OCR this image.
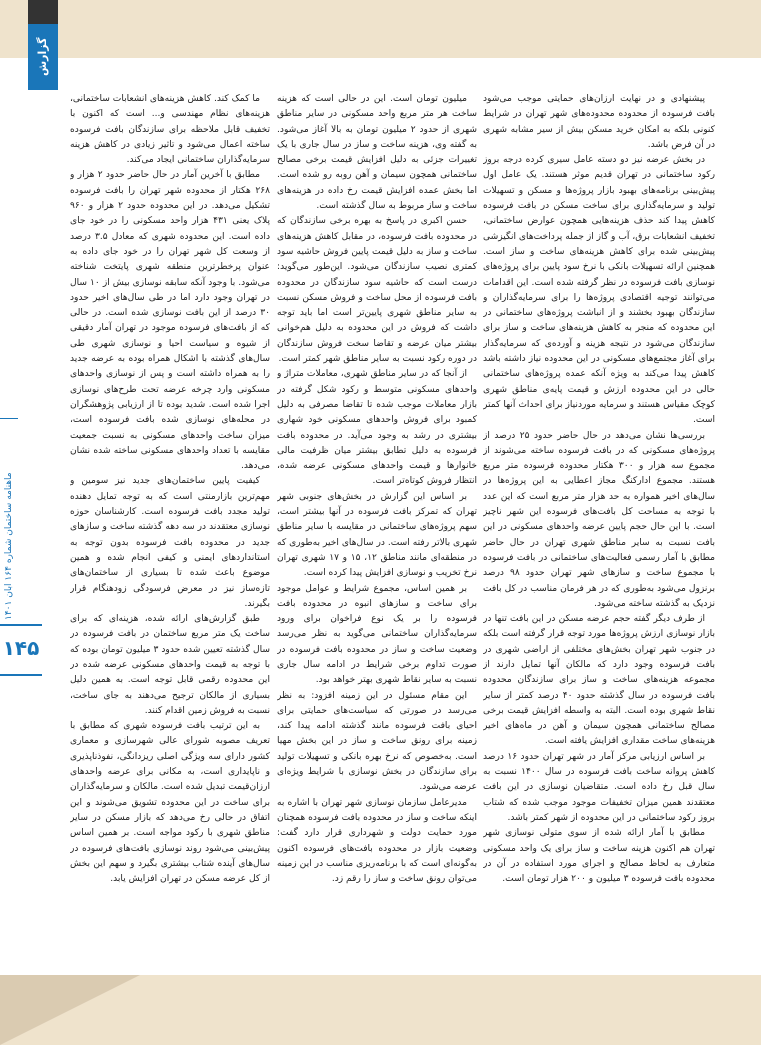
گزارش
ماهنامه ساختمان شماره ۱۶۴ آبان ۱۴۰۱
۱۴۵

پیشنهادی و در نهایت ارزان‌های حمایتی موجب می‌شود بافت فرسوده از محدوده محدوده‌های شهر تهران در شرایط کنونی بلکه به امکان خرید مسکن بیش از سیر مشابه شهری در آن فرض باشد.

در بخش عرضه نیز دو دسته عامل سیری کرده درجه بروز رکود ساختمانی در تهران قدیم موثر هستند. یک عامل اول پیش‌بینی برنامه‌های بهبود بازار پروژه‌ها و مسکن و تسهیلات تولید و سرمایه‌گذاری برای ساخت مسکن در بافت فرسوده کاهش پیدا کند حذف هزینه‌هایی همچون عوارض ساختمانی، تخفیف انشعابات برق، آب و گاز از جمله پرداخت‌های انگیزشی پیش‌بینی شده برای کاهش هزینه‌های ساخت و ساز است. همچنین ارائه تسهیلات بانکی با نرخ سود پایین برای پروژه‌های نوسازی بافت فرسوده در نظر گرفته شده است. این اقدامات می‌توانند توجیه اقتصادی پروژه‌ها را برای سرمایه‌گذاران و سازندگان بهبود بخشند و از انباشت پروژه‌های ساختمانی در این محدوده که منجر به کاهش هزینه‌های ساخت و ساز برای سازندگان می‌شود در نتیجه هزینه و آورده‌ی که سرمایه‌گذار برای آغاز مجتمع‌های مسکونی در این محدوده نیاز داشته باشد کاهش پیدا می‌کند به ویژه آنکه عمده پروژه‌های ساختمانی حالی در این محدوده ارزش و قیمت پایه‌ی مناطق شهری کوچک مقیاس هستند و سرمایه موردنیاز برای احداث آنها کمتر است.

بررسی‌ها نشان می‌دهد در حال حاضر حدود ۲۵ درصد از پروژه‌های مسکونی که در بافت فرسوده ساخته می‌شوند از مجموع سه هزار و ۳۰۰ هکتار محدوده فرسوده متر مربع هستند. مجموع ادارکنگ مجاز اعطایی به این پروژه‌ها در سال‌های اخیر همواره به حد هزار متر مربع است که این عدد با توجه به مساحت کل بافت‌های فرسوده این شهر ناچیز است. با این حال حجم پایین عرضه واحدهای مسکونی در این بافت نسبت به سایر مناطق شهری تهران در حال حاضر مطابق با آمار رسمی فعالیت‌های ساختمانی در بافت فرسوده با مجموع ساخت و سازهای شهر تهران حدود ۹۸ درصد برنزول می‌شود به‌طوری که در هر فرمان مناسب در کل بافت نزدیک به گذشته ساخته می‌شود.

از طرف دیگر گفته حجم عرضه مسکن در این بافت تنها در بازار نوسازی ارزش پروژه‌ها مورد توجه قرار گرفته است بلکه در جنوب شهر تهران بخش‌های مختلفی از اراضی شهری در بافت فرسوده وجود دارد که مالکان آنها تمایل دارند از مجموعه هزینه‌های ساخت و ساز برای سازندگان محدوده بافت فرسوده در سال گذشته حدود ۴۰ درصد کمتر از سایر نقاط شهری بوده است. البته به واسطه افزایش قیمت برخی مصالح ساختمانی همچون سیمان و آهن در ماه‌های اخیر هزینه‌های ساخت مقداری افزایش یافته است.

بر اساس ارزیابی مرکز آمار در شهر تهران حدود ۱۶ درصد کاهش پروانه ساخت بافت فرسوده در سال ۱۴۰۰ نسبت به سال قبل رخ داده است. متقاضیان نوسازی در این بافت معتقدند همین میزان تخفیفات موجود موجب شده که شتاب بروز رکود ساختمانی در این محدوده از شهر کمتر باشد.

مطابق با آمار ارائه شده از سوی متولی نوسازی شهر تهران هم اکنون هزینه ساخت و ساز برای یک واحد مسکونی متعارف به لحاظ مصالح و اجرای مورد استفاده در آن در محدوده بافت فرسوده ۳ میلیون و ۲۰۰ هزار تومان است.

میلیون تومان است. این در حالی است که هزینه ساخت هر متر مربع واحد مسکونی در سایر مناطق شهری از حدود ۲ میلیون تومان به بالا آغاز می‌شود. به گفته وی، هزینه ساخت و ساز در سال جاری با یک تغییرات جزئی به دلیل افزایش قیمت برخی مصالح ساختمانی همچون سیمان و آهن روبه رو شده است. اما بخش عمده افزایش قیمت رخ داده در هزینه‌های ساخت و ساز مربوط به سال گذشته است.

حسن اکبری در پاسخ به بهره برخی سازندگان که در محدوده بافت فرسوده، در مقابل کاهش هزینه‌های ساخت و ساز به دلیل قیمت پایین فروش حاشیه سود کمتری نصیب سازندگان می‌شود. این‌طور می‌گوید: درست است که حاشیه سود سازندگان در محدوده بافت فرسوده از محل ساخت و فروش مسکن نسبت به سایر مناطق شهری پایین‌تر است اما باید توجه داشت که فروش در این محدوده به دلیل هم‌خوانی بیشتر میان عرضه و تقاضا سخت فروش سازندگان در دوره رکود نسبت به سایر مناطق شهر کمتر است.

از آنجا که در سایر مناطق شهری، معاملات متراژ و واحدهای مسکونی متوسط و رکود شکل گرفته در بازار معاملات موجب شده تا تقاضا مصرفی به دلیل کمبود برای فروش واحدهای مسکونی خود شهاری بیشتری در رشد به وجود می‌آید. در محدوده بافت فرسوده به دلیل تطابق بیشتر میان ظرفیت مالی خانوارها و قیمت واحدهای مسکونی عرضه شده، انتظار فروش کوتاه‌تر است.

بر اساس این گزارش در بخش‌های جنوبی شهر تهران که تمرکز بافت فرسوده در آنها بیشتر است، سهم پروژه‌های ساختمانی در مقایسه با سایر مناطق شهری بالاتر رفته است. در سال‌های اخیر به‌طوری که در منطقه‌ای مانند مناطق ۱۲، ۱۵ و ۱۷ شهری تهران نرخ تخریب و نوسازی افزایش پیدا کرده است.

بر همین اساس، مجموع شرایط و عوامل موجود برای ساخت و سازهای انبوه در محدوده بافت فرسوده را بر یک نوع فراخوان برای ورود سرمایه‌گذاران ساختمانی می‌گوید به نظر می‌رسد وضعیت ساخت و ساز در محدوده بافت فرسوده در صورت تداوم برخی شرایط در ادامه سال جاری نسبت به سایر نقاط شهری بهتر خواهد بود.

این مقام مسئول در این زمینه افزود: به نظر می‌رسد در صورتی که سیاست‌های حمایتی برای احیای بافت فرسوده مانند گذشته ادامه پیدا کند، زمینه برای رونق ساخت و ساز در این بخش مهیا است. به‌خصوص که نرخ بهره بانکی و تسهیلات تولید برای سازندگان در بخش نوسازی با شرایط ویژه‌ای عرضه می‌شود.

مدیرعامل سازمان نوسازی شهر تهران با اشاره به اینکه ساخت و ساز در محدوده بافت فرسوده همچنان مورد حمایت دولت و شهرداری قرار دارد گفت: وضعیت بازار در محدوده بافت‌های فرسوده اکنون به‌گونه‌ای است که با برنامه‌ریزی مناسب در این زمینه می‌توان رونق ساخت و ساز را رقم زد.

ما کمک کند. کاهش هزینه‌های انشعابات ساختمانی، هزینه‌های نظام مهندسی و... است که اکنون با تخفیف قابل ملاحظه برای سازندگان بافت فرسوده ساخته اعمال می‌شود و تاثیر زیادی در کاهش هزینه سرمایه‌گذاران ساختمانی ایجاد می‌کند.

مطابق با آخرین آمار در حال حاضر حدود ۲ هزار و ۲۶۸ هکتار از محدوده شهر تهران را بافت فرسوده تشکیل می‌دهد. در این محدوده حدود ۲ هزار و ۹۶۰ پلاک یعنی ۴۳۱ هزار واحد مسکونی را در خود جای داده است. این محدوده شهری که معادل ۳.۵ درصد از وسعت کل شهر تهران را در خود جای داده به عنوان پرخطرترین منطقه شهری پایتخت شناخته می‌شود. با وجود آنکه سابقه نوسازی بیش از ۱۰ سال در تهران وجود دارد اما در طی سال‌های اخیر حدود ۳۰ درصد از این بافت نوسازی شده است. در حالی که از بافت‌های فرسوده موجود در تهران آمار دقیقی از شیوه و سیاست احیا و نوسازی شهری طی سال‌های گذشته با اشکال همراه بوده به عرضه جدید را به همراه داشته است و پس از نوسازی واحدهای مسکونی وارد چرخه عرضه تحت طرح‌های نوسازی اجرا شده است. شدید بوده تا از ارزیابی پژوهشگران در محله‌های نوسازی شده بافت فرسوده است، میزان ساخت واحدهای مسکونی به نسبت جمعیت مقایسه با تعداد واحدهای مسکونی ساخته شده نشان می‌دهد.

کیفیت پایین ساختمان‌های جدید نیز سومین و مهم‌ترین بازارمنتی است که به توجه تمایل دهنده تولید مجدد بافت فرسوده است. کارشناسان حوزه نوسازی معتقدند در سه دهه گذشته ساخت و سازهای جدید در محدوده بافت فرسوده بدون توجه به استانداردهای ایمنی و کیفی انجام شده و همین موضوع باعث شده تا بسیاری از ساختمان‌های تازه‌ساز نیز در معرض فرسودگی زودهنگام قرار بگیرند.

طبق گزارش‌های ارائه شده، هزینه‌ای که برای ساخت یک متر مربع ساختمان در بافت فرسوده در سال گذشته تعیین شده حدود ۳ میلیون تومان بوده که با توجه به قیمت واحدهای مسکونی عرضه شده در این محدوده رقمی قابل توجه است. به همین دلیل بسیاری از مالکان ترجیح می‌دهند به جای ساخت، نسبت به فروش زمین اقدام کنند.

به این ترتیب بافت فرسوده شهری که مطابق با تعریف مصوبه شورای عالی شهرسازی و معماری کشور دارای سه ویژگی اصلی ریزدانگی، نفوذناپذیری و ناپایداری است، به مکانی برای عرضه واحدهای ارزان‌قیمت تبدیل شده است. مالکان و سرمایه‌گذاران برای ساخت در این محدوده تشویق می‌شوند و این اتفاق در حالی رخ می‌دهد که بازار مسکن در سایر مناطق شهری با رکود مواجه است. بر همین اساس پیش‌بینی می‌شود روند نوسازی بافت‌های فرسوده در سال‌های آینده شتاب بیشتری بگیرد و سهم این بخش از کل عرضه مسکن در تهران افزایش یابد.
